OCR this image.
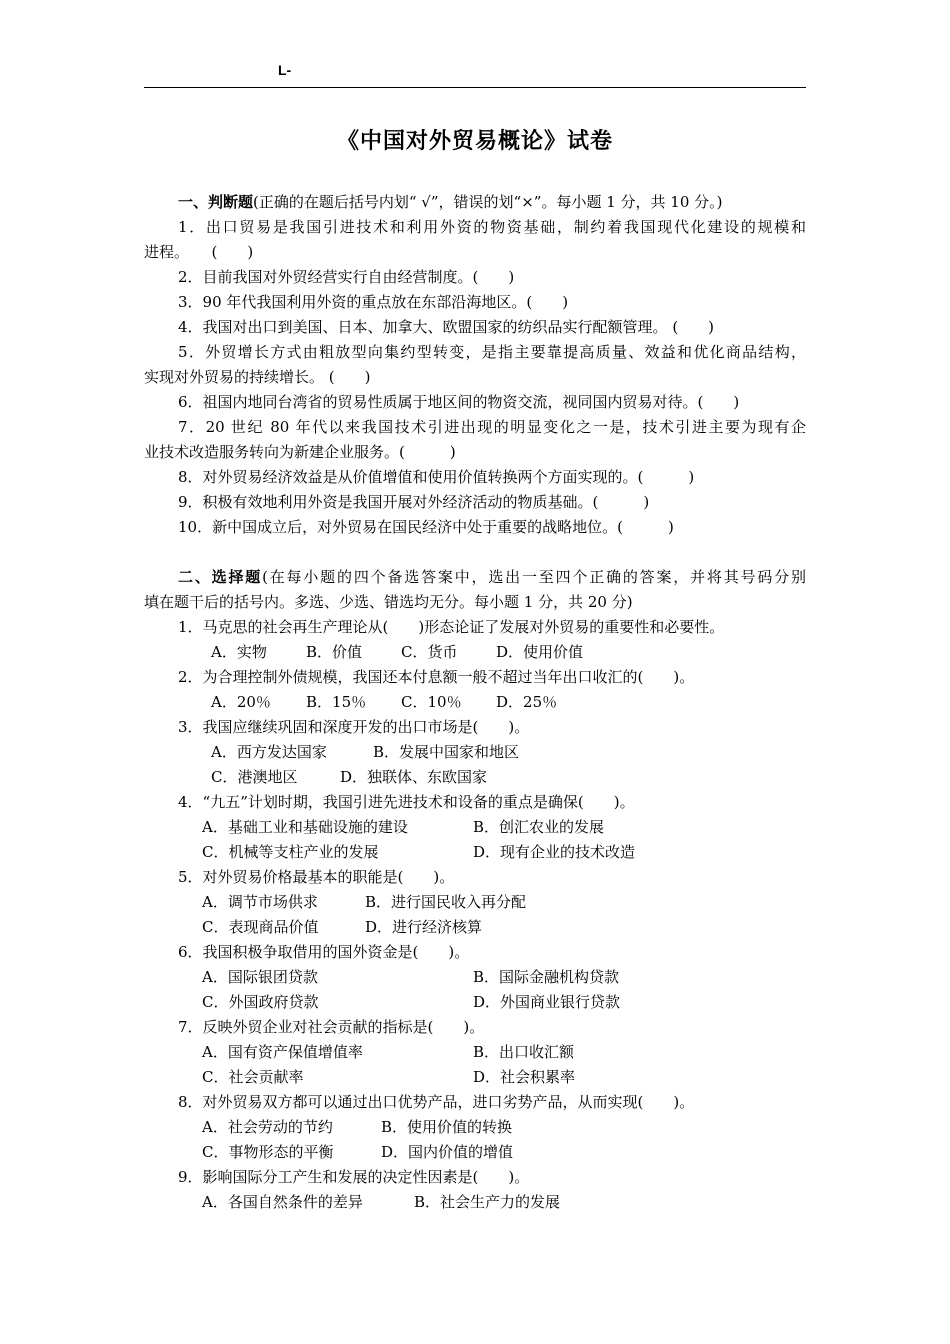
L-
《中国对外贸易概论》试卷
一、判断题(正确的在题后括号内划“ √”，错误的划“×”。每小题 1 分，共 10 分。)
1．出口贸易是我国引进技术和利用外资的物资基础，制约着我国现代化建设的规模和
进程。　　(　　)
2．目前我国对外贸经营实行自由经营制度。(　　)
3．90 年代我国利用外资的重点放在东部沿海地区。(　　)
4．我国对出口到美国、日本、加拿大、欧盟国家的纺织品实行配额管理。 (　　)
5．外贸增长方式由粗放型向集约型转变，是指主要靠提高质量、效益和优化商品结构，
实现对外贸易的持续增长。 (　　)
6．祖国内地同台湾省的贸易性质属于地区间的物资交流，视同国内贸易对待。(　　)
7．20 世纪 80 年代以来我国技术引进出现的明显变化之一是，技术引进主要为现有企
业技术改造服务转向为新建企业服务。(　　　)
8．对外贸易经济效益是从价值增值和使用价值转换两个方面实现的。(　　　)
9．积极有效地利用外资是我国开展对外经济活动的物质基础。(　　　)
10．新中国成立后，对外贸易在国民经济中处于重要的战略地位。(　　　)
二、选择题(在每小题的四个备选答案中，选出一至四个正确的答案，并将其号码分别
填在题干后的括号内。多选、少选、错选均无分。每小题 1 分，共 20 分)
1．马克思的社会再生产理论从(　　)形态论证了发展对外贸易的重要性和必要性。
A．实物	B．价值	C．货币	D．使用价值
2．为合理控制外债规模，我国还本付息额一般不超过当年出口收汇的(　　)。
A．20％ B．15％ C．10％ D．25％
3．我国应继续巩固和深度开发的出口市场是(　　)。
A．西方发达国家	B．发展中国家和地区
C．港澳地区	D．独联体、东欧国家
4．“九五”计划时期，我国引进先进技术和设备的重点是确保(　　)。
A．基础工业和基础设施的建设	B．创汇农业的发展
C．机械等支柱产业的发展	D．现有企业的技术改造
5．对外贸易价格最基本的职能是(　　)。
A．调节市场供求	B．进行国民收入再分配
C．表现商品价值	D．进行经济核算
6．我国积极争取借用的国外资金是(　　)。
A．国际银团贷款	B．国际金融机构贷款
C．外国政府贷款	D．外国商业银行贷款
7．反映外贸企业对社会贡献的指标是(　　)。
A．国有资产保值增值率	B．出口收汇额
C．社会贡献率	D．社会积累率
8．对外贸易双方都可以通过出口优势产品，进口劣势产品，从而实现(　　)。
A．社会劳动的节约	B．使用价值的转换
C．事物形态的平衡	D．国内价值的增值
9．影响国际分工产生和发展的决定性因素是(　　)。
A．各国自然条件的差异	B．社会生产力的发展
